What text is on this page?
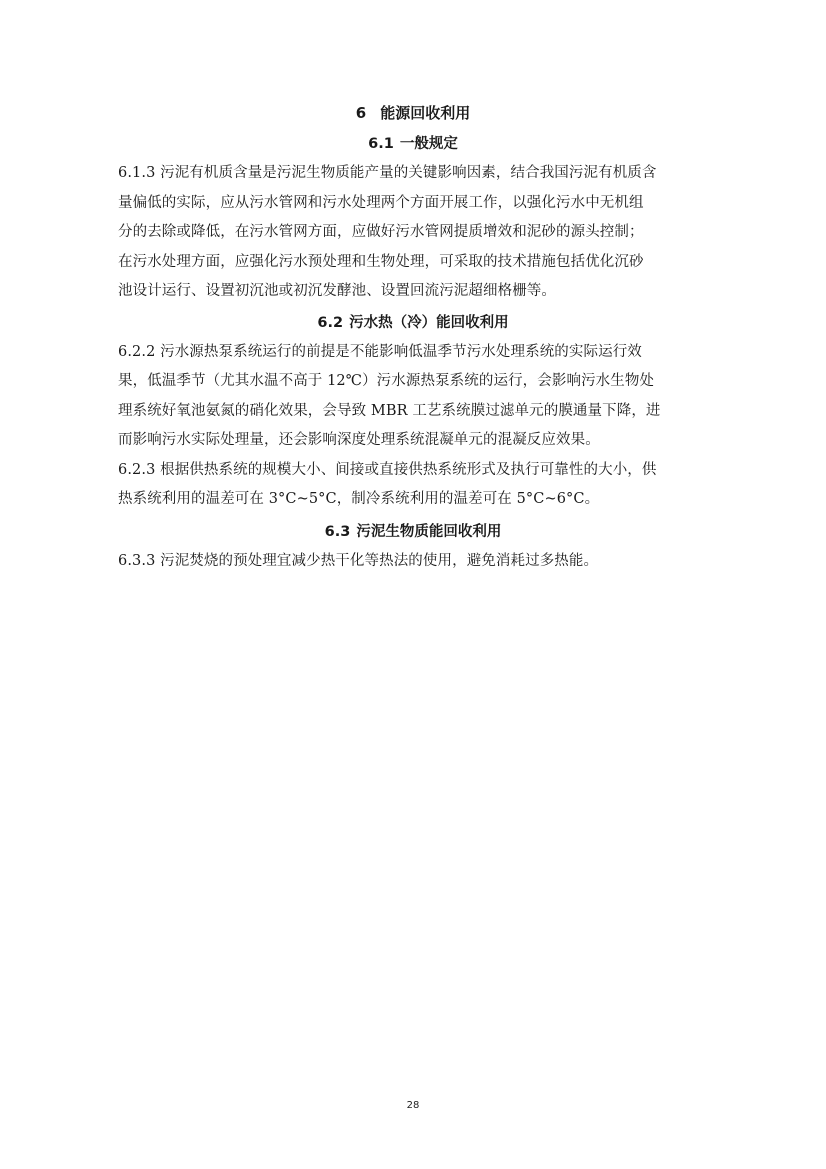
6 能源回收利用
6.1 一般规定

6.1.3 污泥有机质含量是污泥生物质能产量的关键影响因素，结合我国污泥有机质含
量偏低的实际，应从污水管网和污水处理两个方面开展工作，以强化污水中无机组
分的去除或降低，在污水管网方面，应做好污水管网提质增效和泥砂的源头控制；
在污水处理方面，应强化污水预处理和生物处理，可采取的技术措施包括优化沉砂
池设计运行、设置初沉池或初沉发酵池、设置回流污泥超细格栅等。

6.2 污水热（冷）能回收利用

6.2.2 污水源热泵系统运行的前提是不能影响低温季节污水处理系统的实际运行效
果，低温季节（尤其水温不高于 12℃）污水源热泵系统的运行，会影响污水生物处
理系统好氧池氨氮的硝化效果，会导致 MBR 工艺系统膜过滤单元的膜通量下降，进
而影响污水实际处理量，还会影响深度处理系统混凝单元的混凝反应效果。

6.2.3 根据供热系统的规模大小、间接或直接供热系统形式及执行可靠性的大小，供
热系统利用的温差可在 3°C~5°C，制冷系统利用的温差可在 5°C~6°C。

6.3 污泥生物质能回收利用

6.3.3 污泥焚烧的预处理宜减少热干化等热法的使用，避免消耗过多热能。

28
